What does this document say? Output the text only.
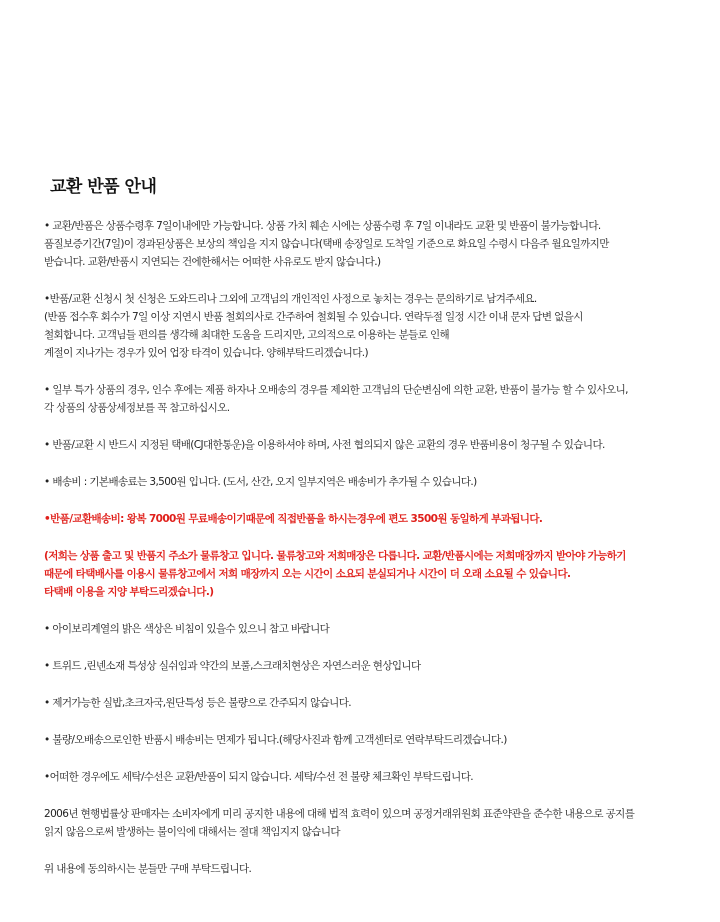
교환 반품 안내
• 교환/반품은 상품수령후 7일이내에만 가능합니다. 상품 가치 훼손 시에는 상품수령 후 7일 이내라도 교환 및 반품이 불가능합니다.
품질보증기간(7일)이 경과된상품은 보상의 책임을 지지 않습니다(택배 송장일로 도착일 기준으로 화요일 수령시 다음주 월요일까지만
받습니다. 교환/반품시 지연되는 건에한해서는 어떠한 사유로도 받지 않습니다.)
•반품/교환 신청시 첫 신청은 도와드리나 그외에 고객님의 개인적인 사정으로 놓치는 경우는 문의하기로 남겨주세요.
(반품 접수후 회수가 7일 이상 지연시 반품 철회의사로 간주하여 철회될 수 있습니다. 연락두절 일정 시간 이내 문자 답변 없을시
철회합니다. 고객님들 편의를 생각해 최대한 도움을 드리지만, 고의적으로 이용하는 분들로 인해
계절이 지나가는 경우가 있어 업장 타격이 있습니다. 양해부탁드리겠습니다.)
• 일부 특가 상품의 경우, 인수 후에는 제품 하자나 오배송의 경우를 제외한 고객님의 단순변심에 의한 교환, 반품이 불가능 할 수 있사오니,
각 상품의 상품상세정보를 꼭 참고하십시오.
• 반품/교환 시 반드시 지정된 택배(CJ대한통운)을 이용하셔야 하며, 사전 협의되지 않은 교환의 경우 반품비용이 청구될 수 있습니다.
• 배송비 : 기본배송료는 3,500원 입니다. (도서, 산간, 오지 일부지역은 배송비가 추가될 수 있습니다.)
•반품/교환배송비: 왕복 7000원 무료배송이기때문에 직접반품을 하시는경우에 편도 3500원 동일하게 부과됩니다.
(저희는 상품 출고 및 반품지 주소가 물류창고 입니다. 물류창고와 저희매장은 다릅니다. 교환/반품시에는 저희매장까지 받아야 가능하기
때문에 타택배사를 이용시 물류창고에서 저희 매장까지 오는 시간이 소요되 분실되거나 시간이 더 오래 소요될 수 있습니다.
타택배 이용을 지양 부탁드리겠습니다.)
• 아이보리계열의 밝은 색상은 비침이 있을수 있으니 참고 바랍니다
• 트위드 ,린넨소재 특성상 실쉬임과 약간의 보풀,스크래치현상은 자연스러운 현상입니다
• 제거가능한 실밥,초크자국,원단특성 등은 불량으로 간주되지 않습니다.
• 불량/오배송으로인한 반품시 배송비는 면제가 됩니다.(해당사진과 함께 고객센터로 연락부탁드리겠습니다.)
•어떠한 경우에도 세탁/수선은 교환/반품이 되지 않습니다. 세탁/수선 전 불량 체크확인 부탁드립니다.
2006년 현행법률상 판매자는 소비자에게 미리 공지한 내용에 대해 법적 효력이 있으며 공정거래위원회 표준약관을 준수한 내용으로 공지를
읽지 않음으로써 발생하는 불이익에 대해서는 절대 책임지지 않습니다
위 내용에 동의하시는 분들만 구매 부탁드립니다.
